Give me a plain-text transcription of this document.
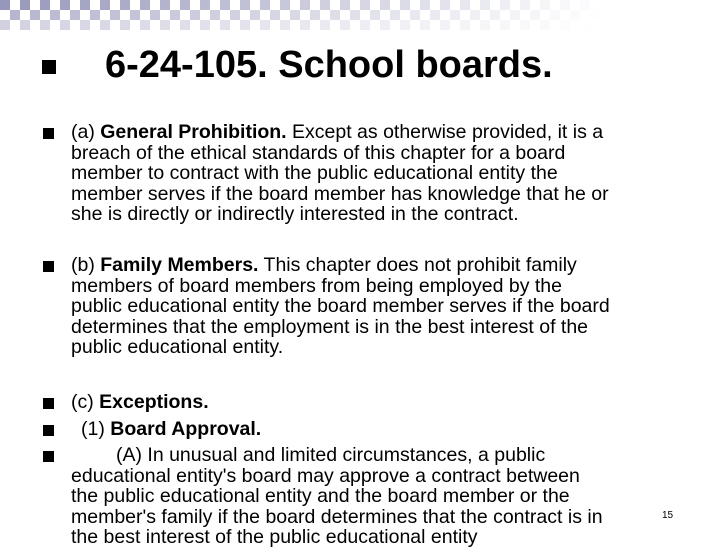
6-24-105. School boards.
(a) General Prohibition. Except as otherwise provided, it is a
breach of the ethical standards of this chapter for a board
member to contract with the public educational entity the
member serves if the board member has knowledge that he or
she is directly or indirectly interested in the contract.
(b) Family Members. This chapter does not prohibit family
members of board members from being employed by the
public educational entity the board member serves if the board
determines that the employment is in the best interest of the
public educational entity.
(c) Exceptions.
(1) Board Approval.
(A) In unusual and limited circumstances, a public
educational entity's board may approve a contract between
the public educational entity and the board member or the
member's family if the board determines that the contract is in
the best interest of the public educational entity
15
